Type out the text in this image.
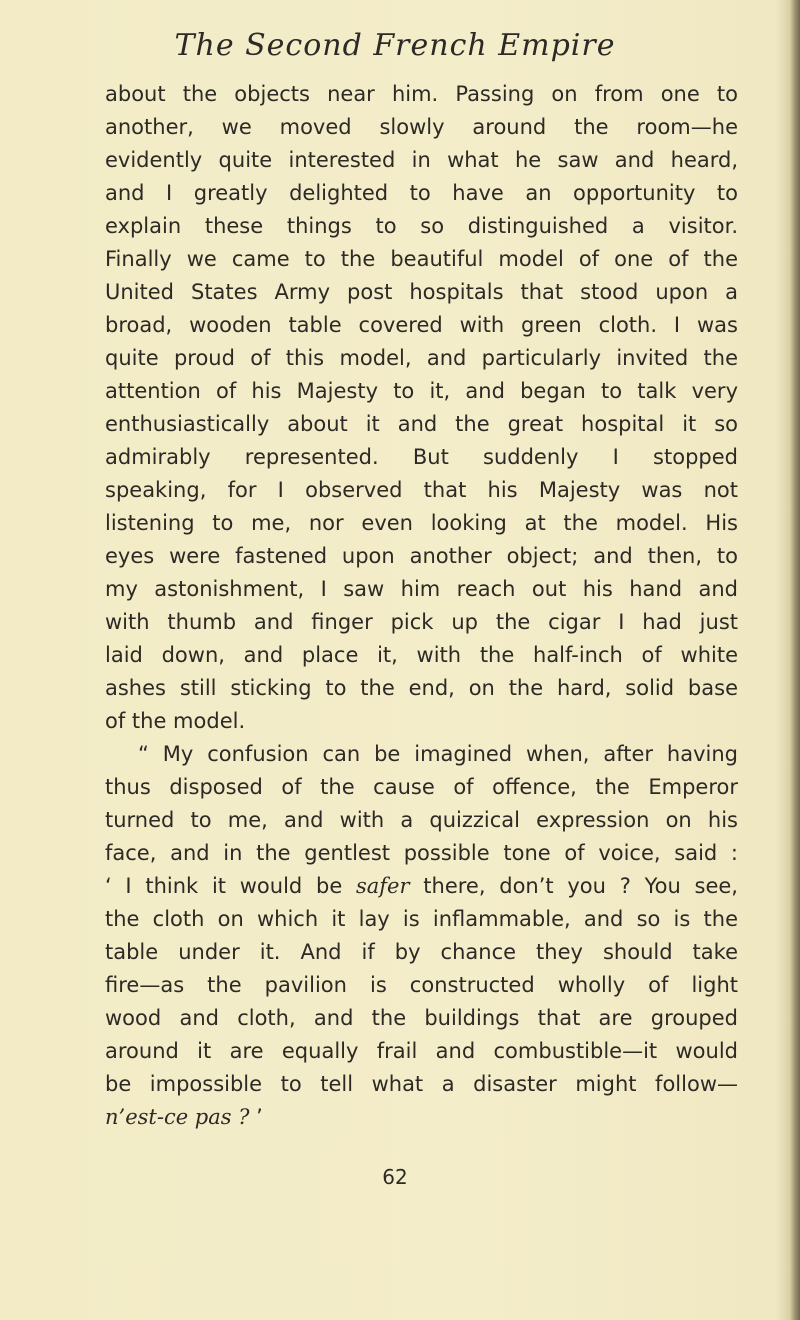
The Second French Empire
about the objects near him. Passing on from one to
another, we moved slowly around the room—he
evidently quite interested in what he saw and heard,
and I greatly delighted to have an opportunity to
explain these things to so distinguished a visitor.
Finally we came to the beautiful model of one of the
United States Army post hospitals that stood upon a
broad, wooden table covered with green cloth. I was
quite proud of this model, and particularly invited the
attention of his Majesty to it, and began to talk very
enthusiastically about it and the great hospital it so
admirably represented. But suddenly I stopped
speaking, for I observed that his Majesty was not
listening to me, nor even looking at the model. His
eyes were fastened upon another object; and then, to
my astonishment, I saw him reach out his hand and
with thumb and finger pick up the cigar I had just
laid down, and place it, with the half-inch of white
ashes still sticking to the end, on the hard, solid base
of the model.
“ My confusion can be imagined when, after having
thus disposed of the cause of offence, the Emperor
turned to me, and with a quizzical expression on his
face, and in the gentlest possible tone of voice, said :
‘ I think it would be safer there, don’t you ? You see,
the cloth on which it lay is inflammable, and so is the
table under it. And if by chance they should take
fire—as the pavilion is constructed wholly of light
wood and cloth, and the buildings that are grouped
around it are equally frail and combustible—it would
be impossible to tell what a disaster might follow—
n’est-ce pas ? ’
62
